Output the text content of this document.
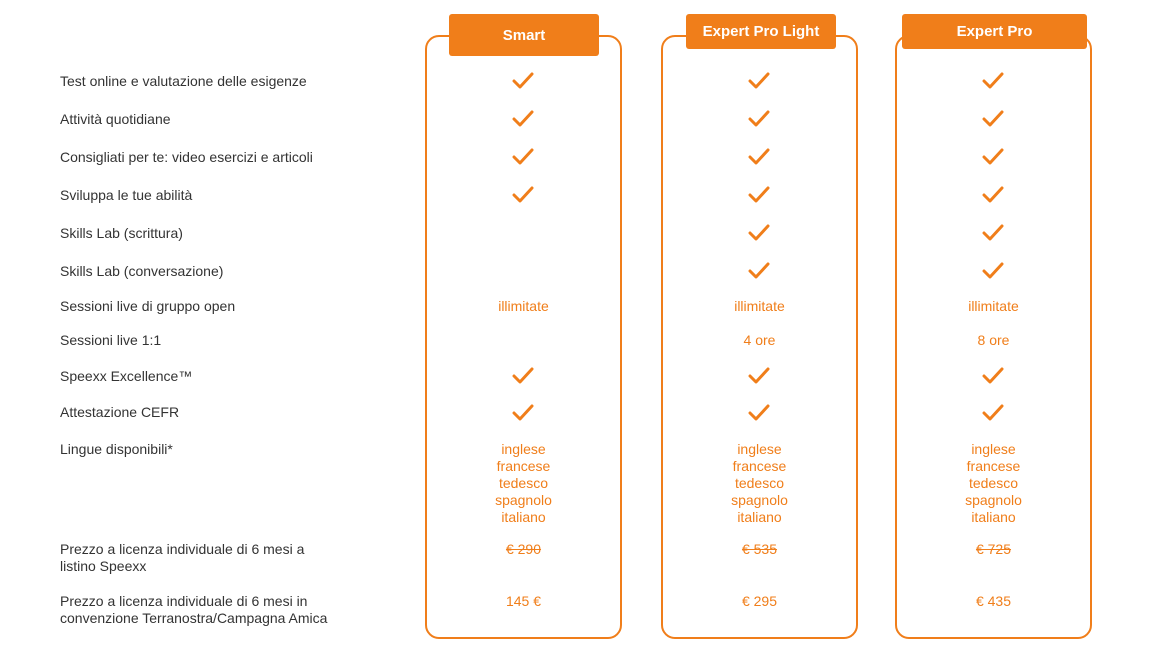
Test online e valutazione delle esigenze
Attività quotidiane
Consigliati per te: video esercizi e articoli
Sviluppa le tue abilità
Skills Lab (scrittura)
Skills Lab (conversazione)
Sessioni live di gruppo open
Sessioni live 1:1
Speexx Excellence™
Attestazione CEFR
Lingue disponibili*
Prezzo a licenza individuale di 6 mesi a
listino Speexx
Prezzo a licenza individuale di 6 mesi in
convenzione Terranostra/Campagna Amica
Smart
illimitate
inglese
francese
tedesco
spagnolo
italiano
€ 290
145 €
Expert Pro Light
illimitate
4 ore
inglese
francese
tedesco
spagnolo
italiano
€ 535
€ 295
Expert Pro
illimitate
8 ore
inglese
francese
tedesco
spagnolo
italiano
€ 725
€ 435
